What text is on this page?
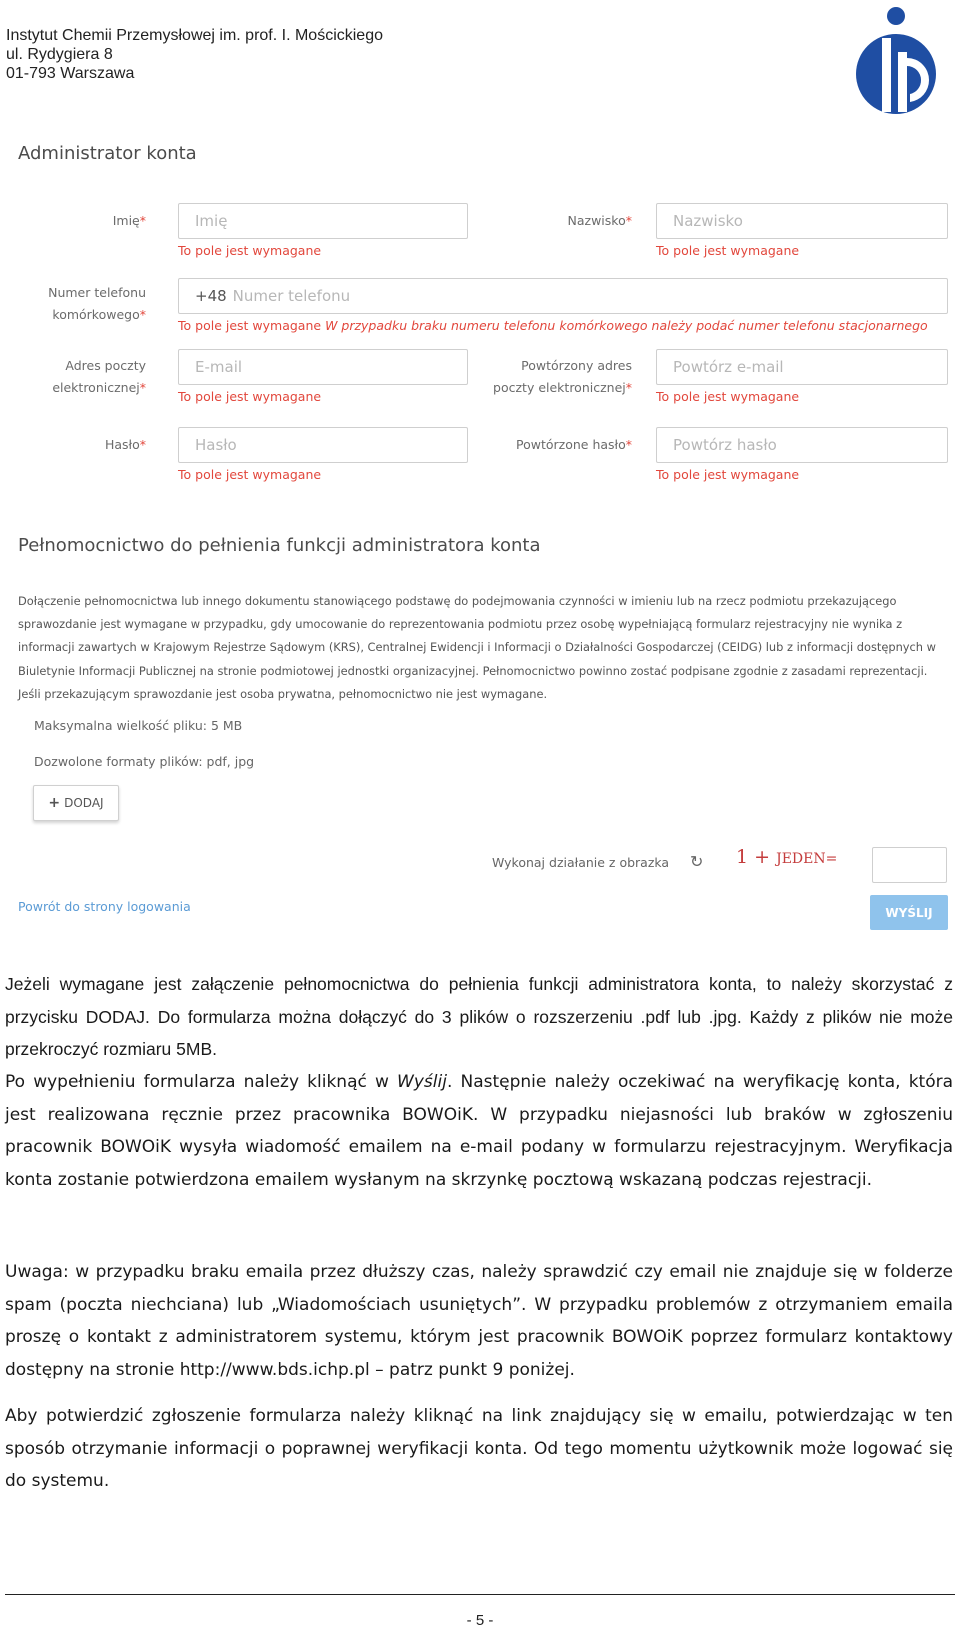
Instytut Chemii Przemysłowej im. prof. I. Mościckiego
ul. Rydygiera 8
01-793 Warszawa
Administrator konta
Imię*	Imię
To pole jest wymagane
Nazwisko*	Nazwisko
To pole jest wymagane
Numer telefonu
komórkowego*
+48 Numer telefonu
To pole jest wymagane W przypadku braku numeru telefonu komórkowego należy podać numer telefonu stacjonarnego
Adres poczty
elektronicznej*
E-mail
To pole jest wymagane
Powtórzony adres
poczty elektronicznej*
Powtórz e-mail
To pole jest wymagane
Hasło*	Hasło
To pole jest wymagane
Powtórzone hasło*	Powtórz hasło
To pole jest wymagane
Pełnomocnictwo do pełnienia funkcji administratora konta
Dołączenie pełnomocnictwa lub innego dokumentu stanowiącego podstawę do podejmowania czynności w imieniu lub na rzecz podmiotu przekazującego sprawozdanie jest wymagane w przypadku, gdy umocowanie do reprezentowania podmiotu przez osobę wypełniającą formularz rejestracyjny nie wynika z informacji zawartych w Krajowym Rejestrze Sądowym (KRS), Centralnej Ewidencji i Informacji o Działalności Gospodarczej (CEIDG) lub z informacji dostępnych w Biuletynie Informacji Publicznej na stronie podmiotowej jednostki organizacyjnej. Pełnomocnictwo powinno zostać podpisane zgodnie z zasadami reprezentacji. Jeśli przekazującym sprawozdanie jest osoba prywatna, pełnomocnictwo nie jest wymagane.
Maksymalna wielkość pliku: 5 MB
Dozwolone formaty plików: pdf, jpg
+ DODAJ
Wykonaj działanie z obrazka ↻ 1 + JEDEN=
Powrót do strony logowania	WYŚLIJ

Jeżeli wymagane jest załączenie pełnomocnictwa do pełnienia funkcji administratora konta, to należy skorzystać z przycisku DODAJ. Do formularza można dołączyć do 3 plików o rozszerzeniu .pdf lub .jpg. Każdy z plików nie może przekroczyć rozmiaru 5MB.

Po wypełnieniu formularza należy kliknąć w Wyślij. Następnie należy oczekiwać na weryfikację konta, która jest realizowana ręcznie przez pracownika BOWOiK. W przypadku niejasności lub braków w zgłoszeniu pracownik BOWOiK wysyła wiadomość emailem na e-mail podany w formularzu rejestracyjnym. Weryfikacja konta zostanie potwierdzona emailem wysłanym na skrzynkę pocztową wskazaną podczas rejestracji.

Uwaga: w przypadku braku emaila przez dłuższy czas, należy sprawdzić czy email nie znajduje się w folderze spam (poczta niechciana) lub „Wiadomościach usuniętych”. W przypadku problemów z otrzymaniem emaila proszę o kontakt z administratorem systemu, którym jest pracownik BOWOiK poprzez formularz kontaktowy dostępny na stronie http://www.bds.ichp.pl – patrz punkt 9 poniżej.

Aby potwierdzić zgłoszenie formularza należy kliknąć na link znajdujący się w emailu, potwierdzając w ten sposób otrzymanie informacji o poprawnej weryfikacji konta. Od tego momentu użytkownik może logować się do systemu.

- 5 -
